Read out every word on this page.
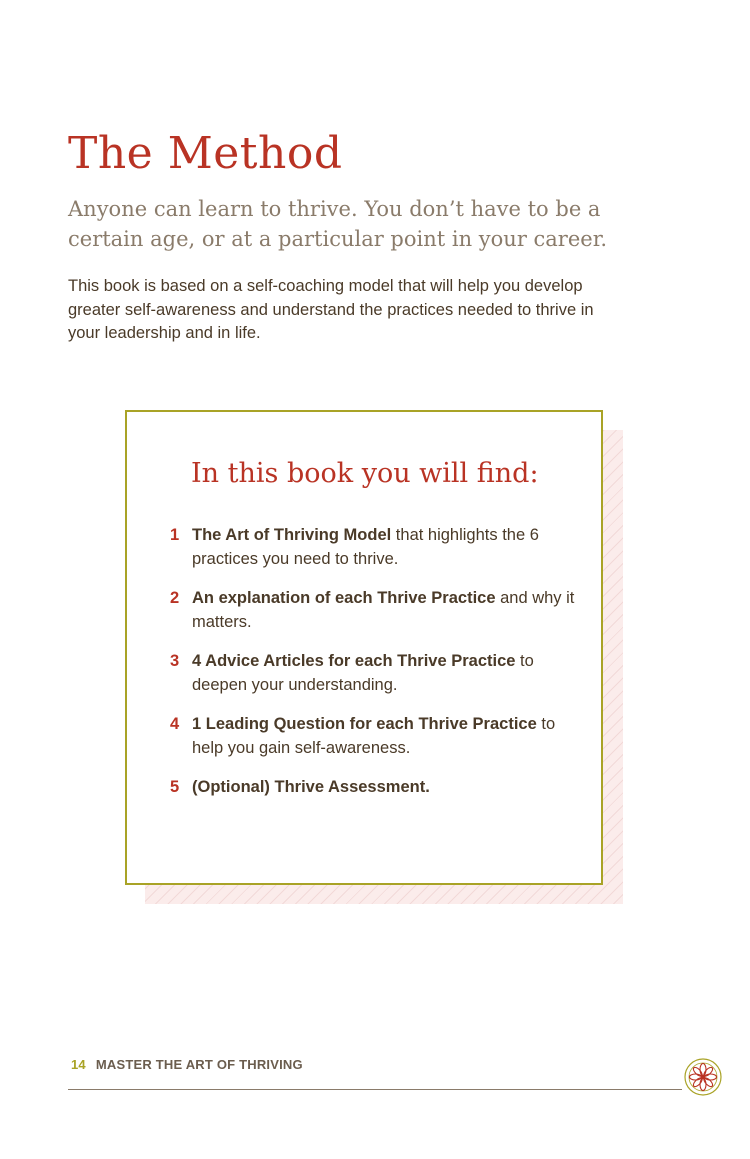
The Method

Anyone can learn to thrive. You don’t have to be a certain age, or at a particular point in your career.

This book is based on a self-coaching model that will help you develop greater self-awareness and understand the practices needed to thrive in your leadership and in life.

In this book you will find:
1 The Art of Thriving Model that highlights the 6 practices you need to thrive.
2 An explanation of each Thrive Practice and why it matters.
3 4 Advice Articles for each Thrive Practice to deepen your understanding.
4 1 Leading Question for each Thrive Practice to help you gain self-awareness.
5 (Optional) Thrive Assessment.
14 MASTER THE ART OF THRIVING
